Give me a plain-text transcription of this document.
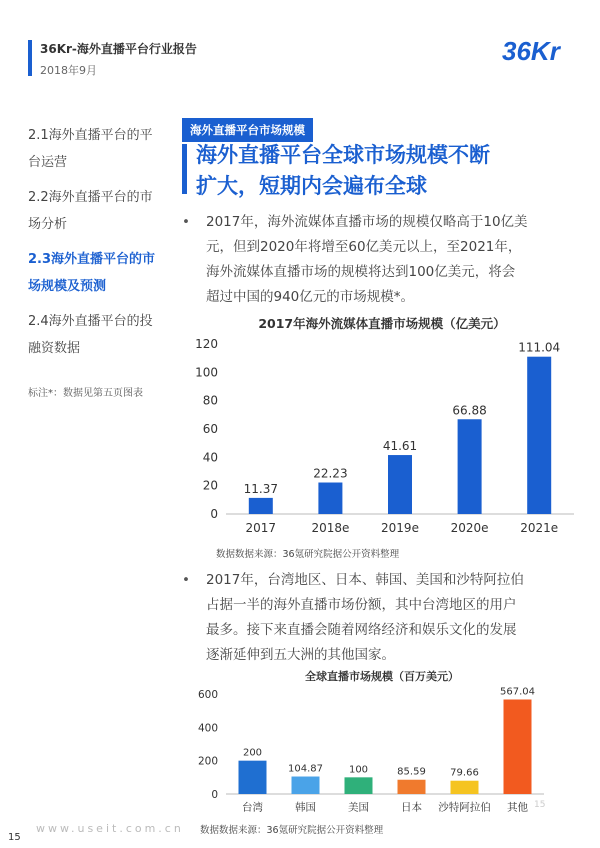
36Kr-海外直播平台行业报告
2018年9月
36Kr
2.1海外直播平台的平
台运营
2.2海外直播平台的市
场分析
2.3海外直播平台的市
场规模及预测
2.4海外直播平台的投
融资数据
标注*：数据见第五页图表
海外直播平台市场规模
海外直播平台全球市场规模不断
扩大，短期内会遍布全球
• 2017年，海外流媒体直播市场的规模仅略高于10亿美
元，但到2020年将增至60亿美元以上，至2021年，
海外流媒体直播市场的规模将达到100亿美元，将会
超过中国的940亿元的市场规模*。
2017年海外流媒体直播市场规模（亿美元）
0
20
40
60
80
100
120
11.37
2017
22.23
2018e
41.61
2019e
66.88
2020e
111.04
2021e
数据数据来源：36氪研究院据公开资料整理
• 2017年，台湾地区、日本、韩国、美国和沙特阿拉伯
占据一半的海外直播市场份额，其中台湾地区的用户
最多。接下来直播会随着网络经济和娱乐文化的发展
逐渐延伸到五大洲的其他国家。
全球直播市场规模（百万美元）
0
200
400
600
200
台湾
104.87
韩国
100
美国
85.59
日本
79.66
沙特阿拉伯
567.04
其他
数据数据来源：36氪研究院据公开资料整理
15
www.useit.com.cn
15
